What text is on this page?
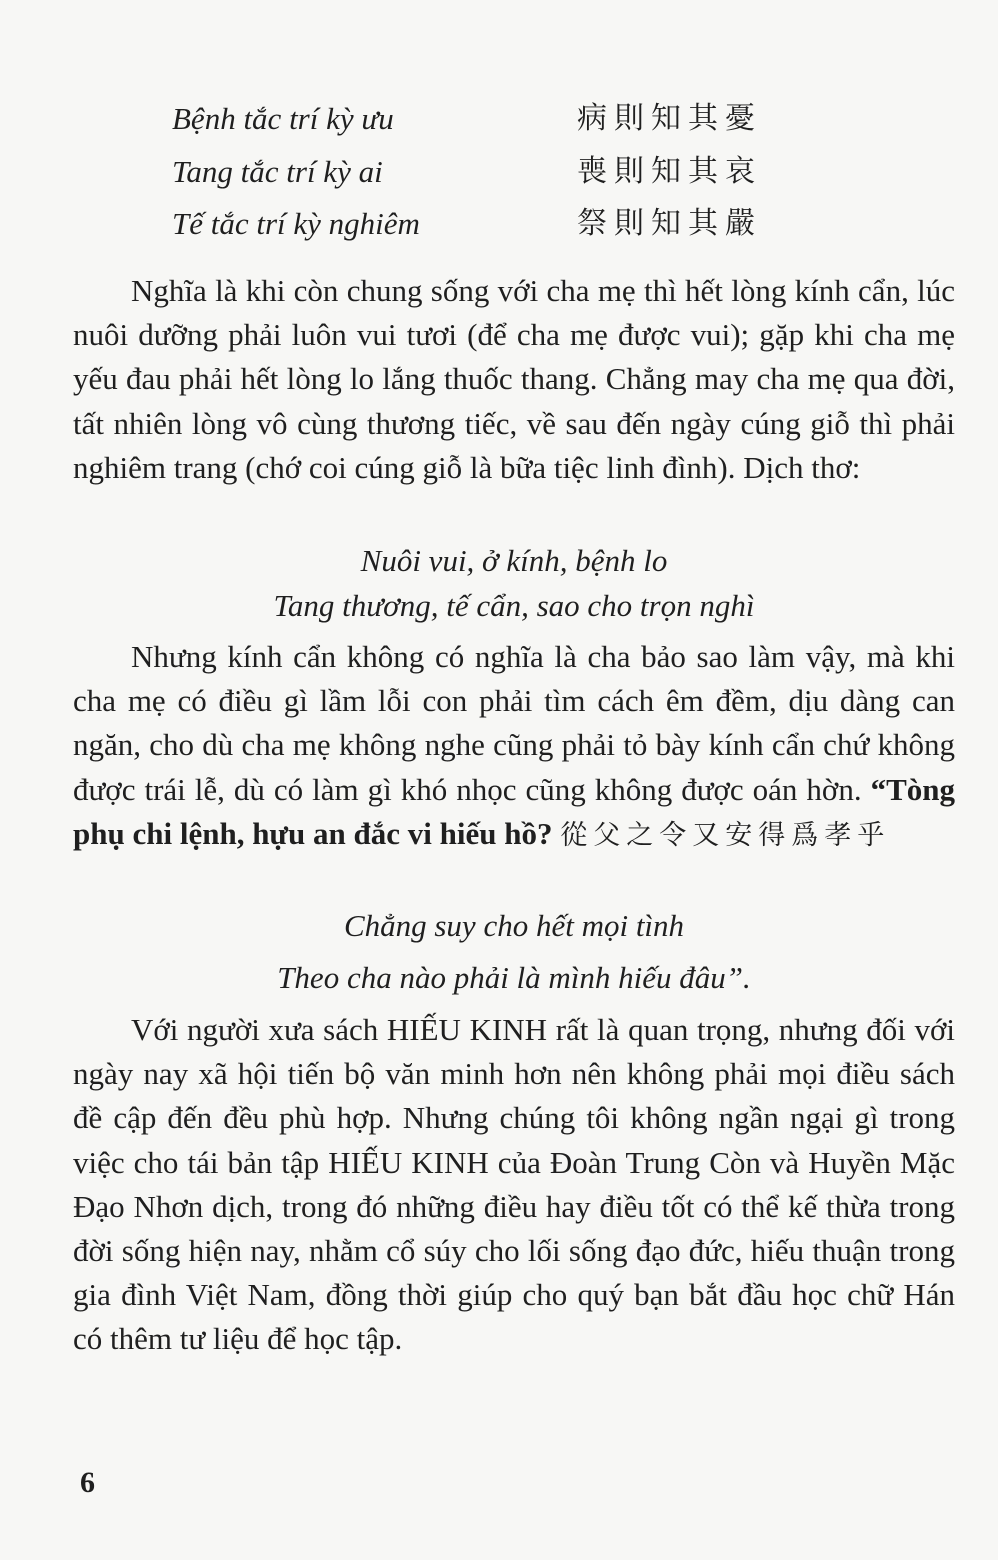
Bệnh tắc trí kỳ ưu	病則知其憂
Tang tắc trí kỳ ai	喪則知其哀
Tế tắc trí kỳ nghiêm	祭則知其嚴

Nghĩa là khi còn chung sống với cha mẹ thì hết lòng kính cẩn, lúc nuôi dưỡng phải luôn vui tươi (để cha mẹ được vui); gặp khi cha mẹ yếu đau phải hết lòng lo lắng thuốc thang. Chẳng may cha mẹ qua đời, tất nhiên lòng vô cùng thương tiếc, về sau đến ngày cúng giỗ thì phải nghiêm trang (chớ coi cúng giỗ là bữa tiệc linh đình). Dịch thơ:

Nuôi vui, ở kính, bệnh lo
Tang thương, tế cẩn, sao cho trọn nghì

Nhưng kính cẩn không có nghĩa là cha bảo sao làm vậy, mà khi cha mẹ có điều gì lầm lỗi con phải tìm cách êm đềm, dịu dàng can ngăn, cho dù cha mẹ không nghe cũng phải tỏ bày kính cẩn chứ không được trái lễ, dù có làm gì khó nhọc cũng không được oán hờn. “Tòng phụ chi lệnh, hựu an đắc vi hiếu hồ? 從父之令又安得爲孝乎

Chẳng suy cho hết mọi tình
Theo cha nào phải là mình hiếu đâu”.

Với người xưa sách HIẾU KINH rất là quan trọng, nhưng đối với ngày nay xã hội tiến bộ văn minh hơn nên không phải mọi điều sách đề cập đến đều phù hợp. Nhưng chúng tôi không ngần ngại gì trong việc cho tái bản tập HIẾU KINH của Đoàn Trung Còn và Huyền Mặc Đạo Nhơn dịch, trong đó những điều hay điều tốt có thể kế thừa trong đời sống hiện nay, nhằm cổ súy cho lối sống đạo đức, hiếu thuận trong gia đình Việt Nam, đồng thời giúp cho quý bạn bắt đầu học chữ Hán có thêm tư liệu để học tập.

6
